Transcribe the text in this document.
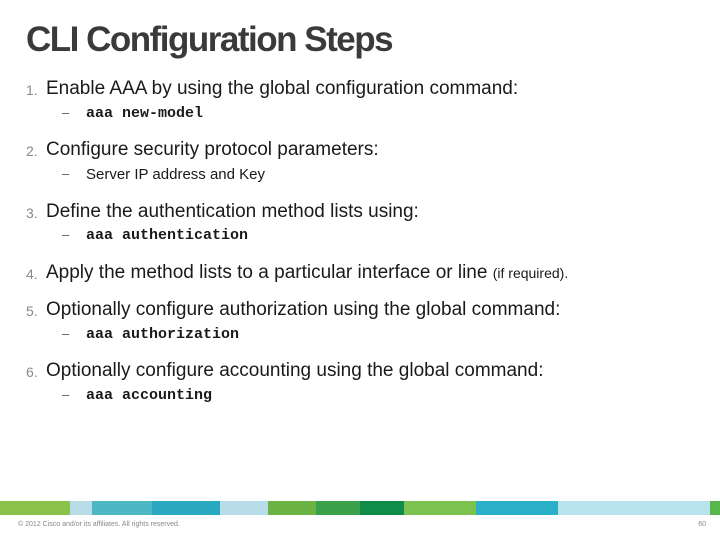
CLI Configuration Steps
1. Enable AAA by using the global configuration command:
– aaa new-model
2. Configure security protocol parameters:
– Server IP address and Key
3. Define the authentication method lists using:
– aaa authentication
4. Apply the method lists to a particular interface or line (if required).
5. Optionally configure authorization using the global command:
– aaa authorization
6. Optionally configure accounting using the global command:
– aaa accounting
© 2012 Cisco and/or its affiliates. All rights reserved.	60
